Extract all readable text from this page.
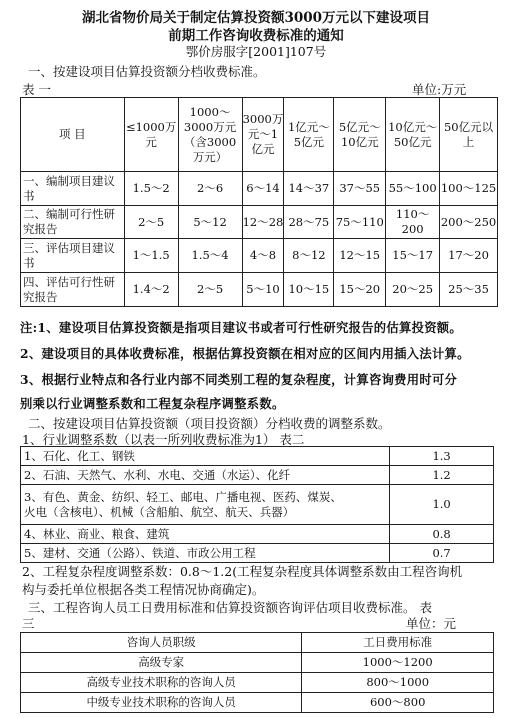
湖北省物价局关于制定估算投资额3000万元以下建设项目
前期工作咨询收费标准的通知
鄂价房服字[2001]107号
一、按建设项目估算投资额分档收费标准。
表 一	单位:万元
项 目	≤1000万元	1000～3000万元（含3000万元）	3000万元～1亿元	1亿元～5亿元	5亿元～10亿元	10亿元～50亿元	50亿元以上
一、编制项目建议书	1.5～2	2～6	6～14	14～37	37～55	55～100	100～125
二、编制可行性研究报告	2～5	5～12	12～28	28～75	75～110	110～200	200～250
三、评估项目建议书	1～1.5	1.5～4	4～8	8～12	12～15	15～17	17～20
四、评估可行性研究报告	1.4～2	2～5	5～10	10～15	15～20	20～25	25～35
注:1、建设项目估算投资额是指项目建议书或者可行性研究报告的估算投资额。
2、建设项目的具体收费标准，根据估算投资额在相对应的区间内用插入法计算。
3、根据行业特点和各行业内部不同类别工程的复杂程度，计算咨询费用时可分
别乘以行业调整系数和工程复杂程序调整系数。
二、按建设项目估算投资额（项目投资额）分档收费的调整系数。
1、行业调整系数（以表一所列收费标准为1） 表二
1、石化、化工、钢铁	1.3
2、石油、天然气、水利、水电、交通（水运）、化纤	1.2

3、有色、黄金、纺织、轻工、邮电、广播电视、医药、煤炭、
火电（含核电）、机械（含船舶、航空、航天、兵器）	1.0
4、林业、商业、粮食、建筑	0.8
5、建材、交通（公路）、铁道、市政公用工程	0.7
2、工程复杂程度调整系数：0.8～1.2(工程复杂程度具体调整系数由工程咨询机
构与委托单位根据各类工程情况协商确定)。
三、工程咨询人员工日费用标准和估算投资额咨询评估项目收费标准。 表
三	单位：元
咨询人员职级	工日费用标准
高级专家	1000～1200
高级专业技术职称的咨询人员	800～1000
中级专业技术职称的咨询人员	600～800
